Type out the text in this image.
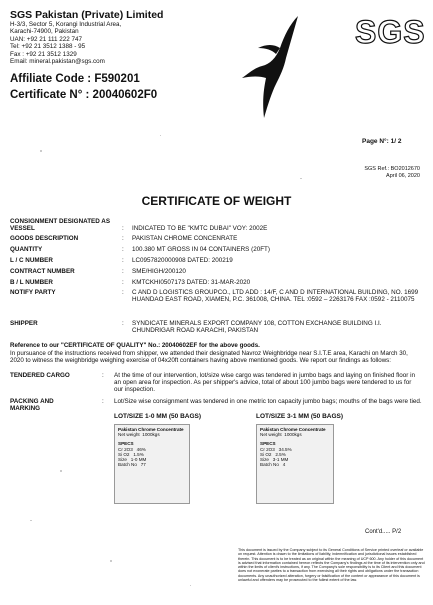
SGS Pakistan (Private) Limited
H-3/3, Sector 5, Korangi Industrial Area,
Karachi-74900, Pakistan
UAN: +92 21 111 222 747
Tel: +92 21 3512 1388 - 95
Fax : +92 21 3512 1329
Email: mineral.pakistan@sgs.com
Affiliate Code : F590201
Certificate N° : 20040602F0
SGS
Page N°: 1/ 2
SGS Ref.: BO2012670
April 06, 2020
CERTIFICATE OF WEIGHT
CONSIGNMENT DESIGNATED AS
VESSEL	: INDICATED TO BE "KMTC DUBAI" VOY: 2002E
GOODS DESCRIPTION	: PAKISTAN CHROME CONCENRATE
QUANTITY	: 100.380 MT GROSS IN 04 CONTAINERS (20FT)
L / C NUMBER	: LC0957820000908 DATED: 200219
CONTRACT NUMBER	: SME/HIGH/200120
B / L NUMBER	: KMTCKHI0507173 DATED: 31-MAR-2020
NOTIFY PARTY	: C AND D LOGISTICS GROUPCO., LTD ADD : 14/F, C AND D INTERNATIONAL BUILDING, NO. 1699 HUANDAO EAST ROAD, XIAMEN, P.C. 361008, CHINA. TEL :0592 – 2263176 FAX :0592 - 2110075
SHIPPER	: SYNDICATE MINERALS EXPORT COMPANY 108, COTTON EXCHANGE BUILDING I.I. CHUNDRIGAR ROAD KARACHI, PAKISTAN
Reference to our "CERTIFICATE OF QUALITY" No.: 20040602EF for the above goods.
In pursuance of the instructions received from shipper, we attended their designated Navroz Weighbridge near S.I.T.E area, Karachi on March 30, 2020 to witness the weighbridge weighing exercise of 04x20ft containers having above mentioned goods. We report our findings as follows:
TENDERED CARGO	: At the time of our intervention, lot/size wise cargo was tendered in jumbo bags and laying on finished floor in an open area for inspection. As per shipper's advice, total of about 100 jumbo bags were tendered to us for our inspection.
PACKING AND
MARKING
: Lot/Size wise consignment was tendered in one metric ton capacity jumbo bags; mouths of the bags were tied.
LOT/SIZE 1-0 MM (50 BAGS)
Pakistan Chrome Concentrate
Net weight 1000kgs
SPECS
Cr 2O3 46%
Si O2 1.5%
Size 1-0 MM
Batch No 77
LOT/SIZE 3-1 MM (50 BAGS)
Pakistan Chrome Concentrate
Net weight 1000kgs
SPECS
Cr 2O3 34.5%
Si O2 2.5%
Size 3-1 MM
Batch No 4
Cont'd..... P/2
This document is issued by the Company subject to its General Conditions of Service printed overleaf or available on request. Attention is drawn to the limitations of liability, indemnification and jurisdictional issues established therein. This document is to be treated as an original within the meaning of UCP 600. Any holder of this document is advised that information contained hereon reflects the Company's findings at the time of its intervention only and within the limits of client's instructions, if any. The Company's sole responsibility is to its Client and this document does not exonerate parties to a transaction from exercising all their rights and obligations under the transaction documents. Any unauthorized alteration, forgery or falsification of the content or appearance of this document is unlawful and offenders may be prosecuted to the fullest extent of the law.
